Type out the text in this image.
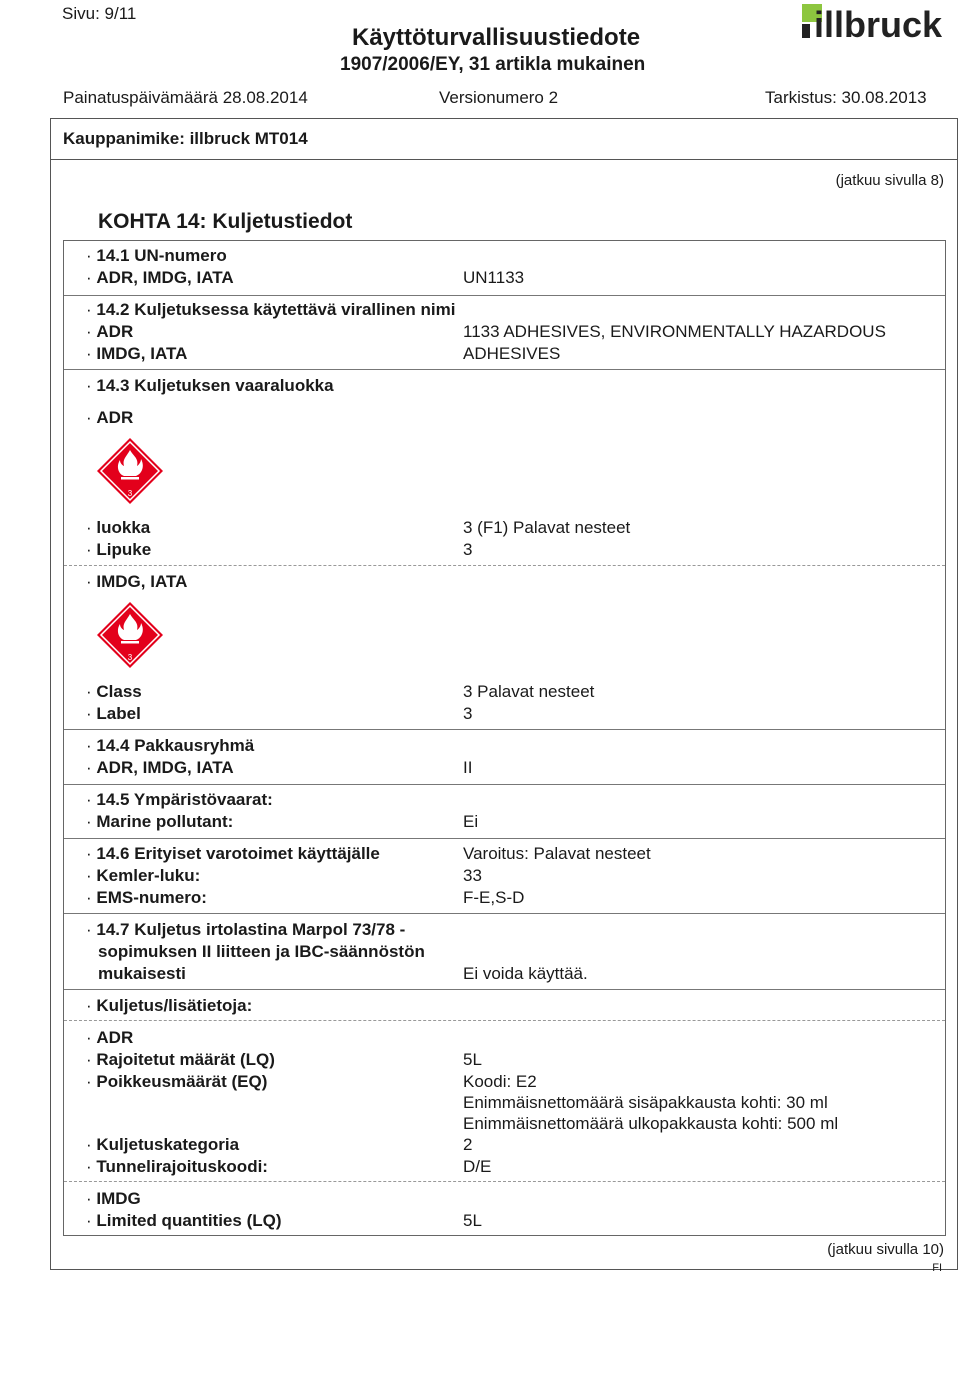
Sivu: 9/11
Käyttöturvallisuustiedote
1907/2006/EY, 31 artikla mukainen
illbruck
Painatuspäivämäärä 28.08.2014	Versionumero 2	Tarkistus: 30.08.2013
Kauppanimike: illbruck MT014
(jatkuu sivulla 8)
KOHTA 14: Kuljetustiedot
· 14.1 UN-numero
· ADR, IMDG, IATA	UN1133
· 14.2 Kuljetuksessa käytettävä virallinen nimi
· ADR	1133 ADHESIVES, ENVIRONMENTALLY HAZARDOUS
· IMDG, IATA	ADHESIVES
· 14.3 Kuljetuksen vaaraluokka
· ADR
3
· luokka	3 (F1) Palavat nesteet
· Lipuke	3
· IMDG, IATA
3
· Class	3 Palavat nesteet
· Label	3
· 14.4 Pakkausryhmä
· ADR, IMDG, IATA	II
· 14.5 Ympäristövaarat:
· Marine pollutant:	Ei
· 14.6 Erityiset varotoimet käyttäjälle	Varoitus: Palavat nesteet
· Kemler-luku:	33
· EMS-numero:	F-E,S-D
· 14.7 Kuljetus irtolastina Marpol 73/78 -
sopimuksen II liitteen ja IBC-säännöstön
mukaisesti	Ei voida käyttää.
· Kuljetus/lisätietoja:
· ADR
· Rajoitetut määrät (LQ)	5L
· Poikkeusmäärät (EQ)	Koodi: E2
Enimmäisnettomäärä sisäpakkausta kohti: 30 ml
Enimmäisnettomäärä ulkopakkausta kohti: 500 ml
· Kuljetuskategoria	2
· Tunnelirajoituskoodi:	D/E
· IMDG
· Limited quantities (LQ)	5L
(jatkuu sivulla 10)
FI
